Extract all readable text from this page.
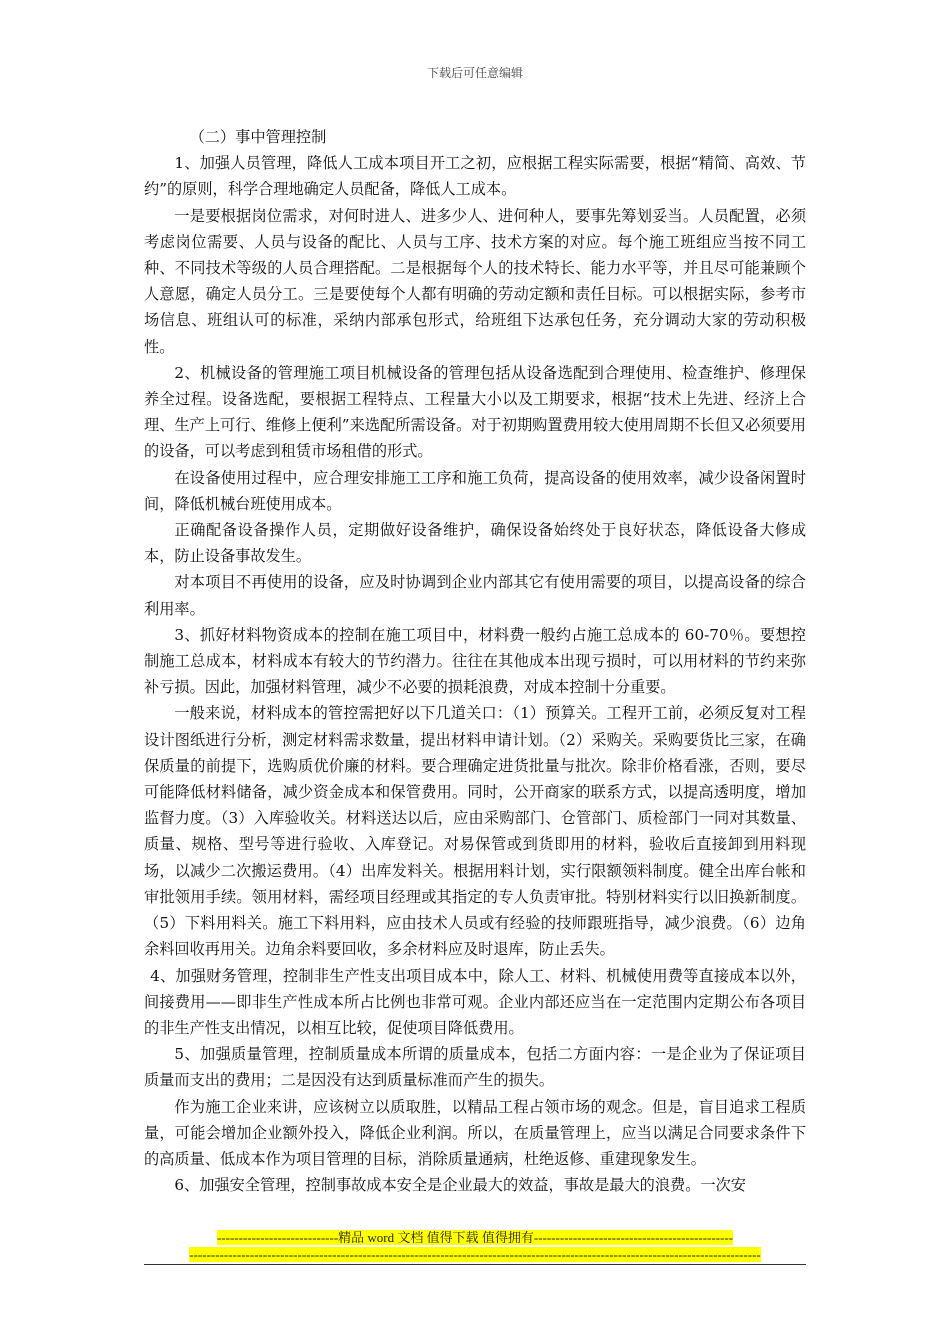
下载后可任意编辑

（二）事中管理控制

1、加强人员管理，降低人工成本项目开工之初，应根据工程实际需要，根据“精简、高效、节约”的原则，科学合理地确定人员配备，降低人工成本。

一是要根据岗位需求，对何时进人、进多少人、进何种人，要事先筹划妥当。人员配置，必须考虑岗位需要、人员与设备的配比、人员与工序、技术方案的对应。每个施工班组应当按不同工种、不同技术等级的人员合理搭配。二是根据每个人的技术特长、能力水平等，并且尽可能兼顾个人意愿，确定人员分工。三是要使每个人都有明确的劳动定额和责任目标。可以根据实际，参考市场信息、班组认可的标准，采纳内部承包形式，给班组下达承包任务，充分调动大家的劳动积极性。

2、机械设备的管理施工项目机械设备的管理包括从设备选配到合理使用、检查维护、修理保养全过程。设备选配，要根据工程特点、工程量大小以及工期要求，根据“技术上先进、经济上合理、生产上可行、维修上便利”来选配所需设备。对于初期购置费用较大使用周期不长但又必须要用的设备，可以考虑到租赁市场租借的形式。

在设备使用过程中，应合理安排施工工序和施工负荷，提高设备的使用效率，减少设备闲置时间，降低机械台班使用成本。

正确配备设备操作人员，定期做好设备维护，确保设备始终处于良好状态，降低设备大修成本，防止设备事故发生。

对本项目不再使用的设备，应及时协调到企业内部其它有使用需要的项目，以提高设备的综合利用率。

3、抓好材料物资成本的控制在施工项目中，材料费一般约占施工总成本的 60-70％。要想控制施工总成本，材料成本有较大的节约潜力。往往在其他成本出现亏损时，可以用材料的节约来弥补亏损。因此，加强材料管理，减少不必要的损耗浪费，对成本控制十分重要。

一般来说，材料成本的管控需把好以下几道关口：（1）预算关。工程开工前，必须反复对工程设计图纸进行分析，测定材料需求数量，提出材料申请计划。（2）采购关。采购要货比三家，在确保质量的前提下，选购质优价廉的材料。要合理确定进货批量与批次。除非价格看涨，否则，要尽可能降低材料储备，减少资金成本和保管费用。同时，公开商家的联系方式，以提高透明度，增加监督力度。（3）入库验收关。材料送达以后，应由采购部门、仓管部门、质检部门一同对其数量、质量、规格、型号等进行验收、入库登记。对易保管或到货即用的材料，验收后直接卸到用料现场，以减少二次搬运费用。（4）出库发料关。根据用料计划，实行限额领料制度。健全出库台帐和审批领用手续。领用材料，需经项目经理或其指定的专人负责审批。特别材料实行以旧换新制度。（5）下料用料关。施工下料用料，应由技术人员或有经验的技师跟班指导，减少浪费。（6）边角余料回收再用关。边角余料要回收，多余材料应及时退库，防止丢失。

4、加强财务管理，控制非生产性支出项目成本中，除人工、材料、机械使用费等直接成本以外，间接费用——即非生产性成本所占比例也非常可观。企业内部还应当在一定范围内定期公布各项目的非生产性支出情况，以相互比较，促使项目降低费用。

5、加强质量管理，控制质量成本所谓的质量成本，包括二方面内容：一是企业为了保证项目质量而支出的费用；二是因没有达到质量标准而产生的损失。

作为施工企业来讲，应该树立以质取胜，以精品工程占领市场的观念。但是，盲目追求工程质量，可能会增加企业额外投入，降低企业利润。所以，在质量管理上，应当以满足合同要求条件下的高质量、低成本作为项目管理的目标，消除质量通病，杜绝返修、重建现象发生。

6、加强安全管理，控制事故成本安全是企业最大的效益，事故是最大的浪费。一次安

----------------------------精品 word 文档 值得下载 值得拥有----------------------------------------------
------------------------------------------------------------------------------------------------------------------------------------
